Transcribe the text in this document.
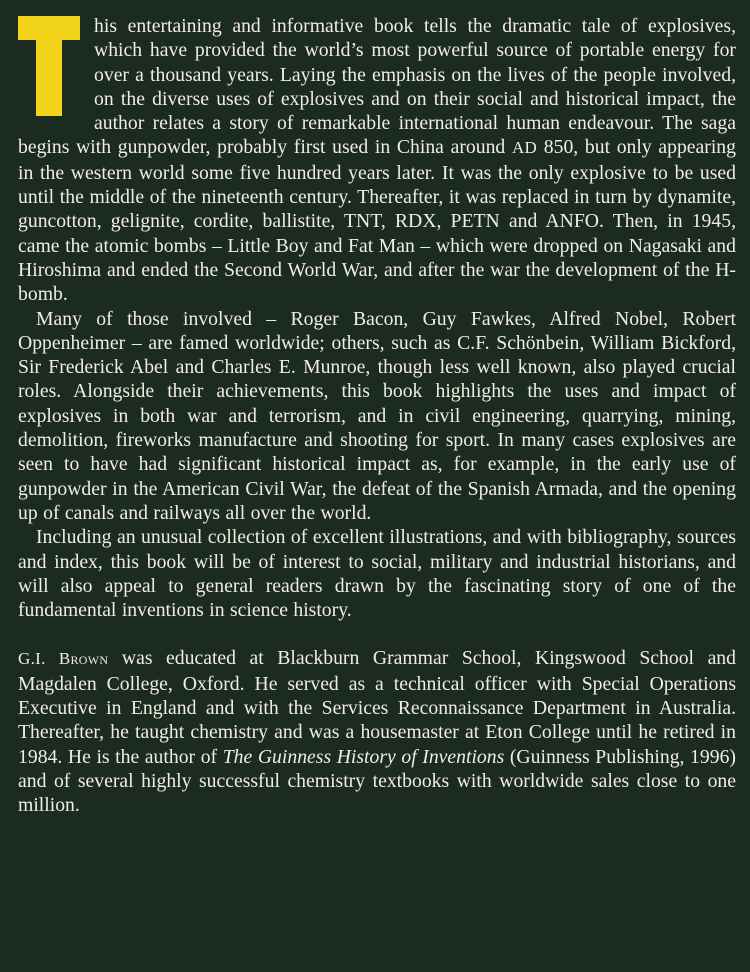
his entertaining and informative book tells the dramatic tale of explosives, which have provided the world’s most powerful source of portable energy for over a thousand years. Laying the emphasis on the lives of the people involved, on the diverse uses of explosives and on their social and historical impact, the author relates a story of remarkable international human endeavour. The saga begins with gunpowder, probably first used in China around AD 850, but only appearing in the western world some five hundred years later. It was the only explosive to be used until the middle of the nineteenth century. Thereafter, it was replaced in turn by dynamite, guncotton, gelignite, cordite, ballistite, TNT, RDX, PETN and ANFO. Then, in 1945, came the atomic bombs – Little Boy and Fat Man – which were dropped on Nagasaki and Hiroshima and ended the Second World War, and after the war the development of the H-bomb.

Many of those involved – Roger Bacon, Guy Fawkes, Alfred Nobel, Robert Oppenheimer – are famed worldwide; others, such as C.F. Schönbein, William Bickford, Sir Frederick Abel and Charles E. Munroe, though less well known, also played crucial roles. Alongside their achievements, this book highlights the uses and impact of explosives in both war and terrorism, and in civil engineering, quarrying, mining, demolition, fireworks manufacture and shooting for sport. In many cases explosives are seen to have had significant historical impact as, for example, in the early use of gunpowder in the American Civil War, the defeat of the Spanish Armada, and the opening up of canals and railways all over the world.

Including an unusual collection of excellent illustrations, and with bibliography, sources and index, this book will be of interest to social, military and industrial historians, and will also appeal to general readers drawn by the fascinating story of one of the fundamental inventions in science history.

G.I. Brown was educated at Blackburn Grammar School, Kingswood School and Magdalen College, Oxford. He served as a technical officer with Special Operations Executive in England and with the Services Reconnaissance Department in Australia. Thereafter, he taught chemistry and was a housemaster at Eton College until he retired in 1984. He is the author of The Guinness History of Inventions (Guinness Publishing, 1996) and of several highly successful chemistry textbooks with worldwide sales close to one million.
